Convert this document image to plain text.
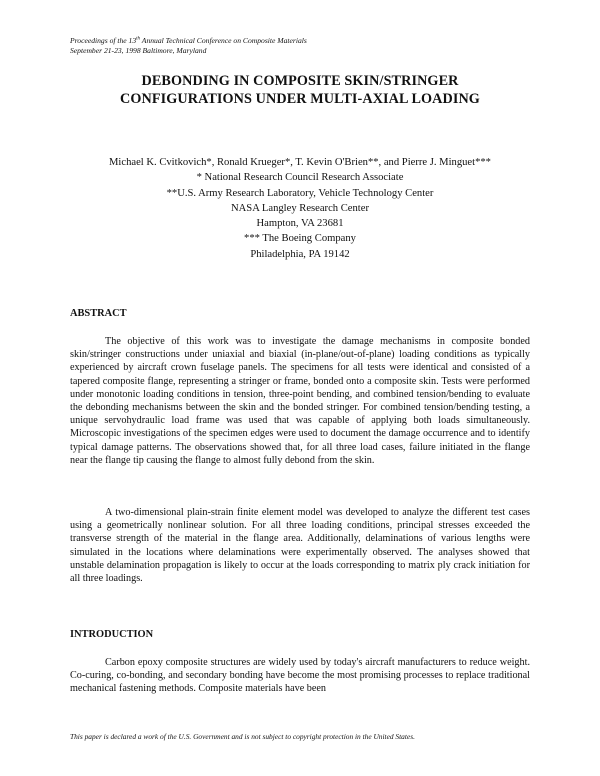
Proceedings of the 13th Annual Technical Conference on Composite Materials
September 21-23, 1998 Baltimore, Maryland
DEBONDING IN COMPOSITE SKIN/STRINGER
CONFIGURATIONS UNDER MULTI-AXIAL LOADING
Michael K. Cvitkovich*, Ronald Krueger*, T. Kevin O'Brien**, and Pierre J. Minguet***
* National Research Council Research Associate
**U.S. Army Research Laboratory, Vehicle Technology Center
NASA Langley Research Center
Hampton, VA 23681
*** The Boeing Company
Philadelphia, PA 19142
ABSTRACT

The objective of this work was to investigate the damage mechanisms in composite bonded skin/stringer constructions under uniaxial and biaxial (in-plane/out-of-plane) loading conditions as typically experienced by aircraft crown fuselage panels. The specimens for all tests were identical and consisted of a tapered composite flange, representing a stringer or frame, bonded onto a composite skin. Tests were performed under monotonic loading conditions in tension, three-point bending, and combined tension/bending to evaluate the debonding mechanisms between the skin and the bonded stringer. For combined tension/bending testing, a unique servohydraulic load frame was used that was capable of applying both loads simultaneously. Microscopic investigations of the specimen edges were used to document the damage occurrence and to identify typical damage patterns. The observations showed that, for all three load cases, failure initiated in the flange near the flange tip causing the flange to almost fully debond from the skin.

A two-dimensional plain-strain finite element model was developed to analyze the different test cases using a geometrically nonlinear solution. For all three loading conditions, principal stresses exceeded the transverse strength of the material in the flange area. Additionally, delaminations of various lengths were simulated in the locations where delaminations were experimentally observed. The analyses showed that unstable delamination propagation is likely to occur at the loads corresponding to matrix ply crack initiation for all three loadings.

INTRODUCTION

Carbon epoxy composite structures are widely used by today's aircraft manufacturers to reduce weight. Co-curing, co-bonding, and secondary bonding have become the most promising processes to replace traditional mechanical fastening methods. Composite materials have been

This paper is declared a work of the U.S. Government and is not subject to copyright protection in the United States.
